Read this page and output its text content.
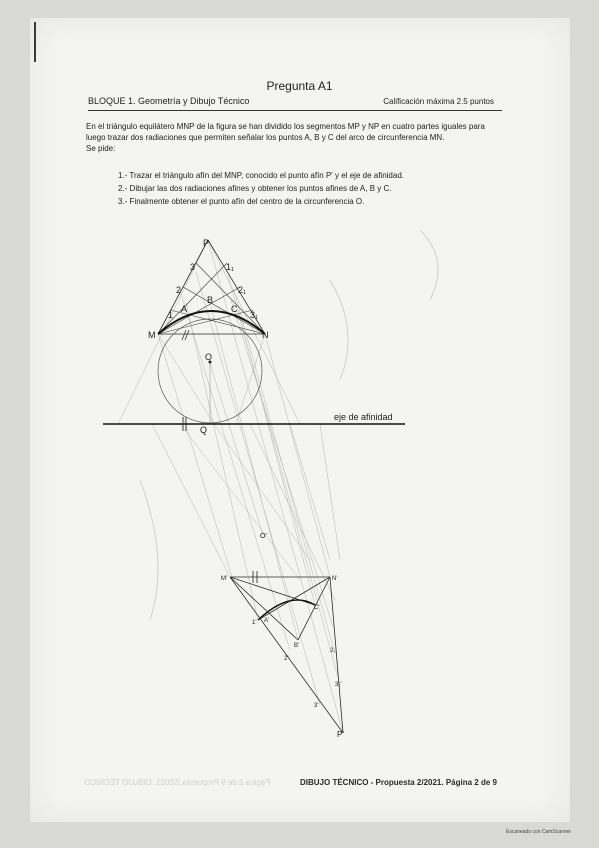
Pregunta A1
BLOQUE 1. Geometría y Dibujo Técnico	Calificación máxima 2.5 puntos
En el triángulo equilátero MNP de la figura se han dividido los segmentos MP y NP en cuatro partes iguales para luego trazar dos radiaciones que permiten señalar los puntos A, B y C del arco de circunferencia MN.
Se pide:
1.- Trazar el triángulo afín del MNP, conocido el punto afín P' y el eje de afinidad.
2.- Dibujar las dos radiaciones afines y obtener los puntos afines de A, B y C.
3.- Finalmente obtener el punto afín del centro de la circunferencia O.
P
M	N
O
Q
A
B
C
1
2
3	1₁
2₁
3₁
eje de afinidad
O'
M'	N'
P'
A'
B'
C'
1'
2'
3'
2₁'
3₁'
Página 2 de 9 Propuesta 2/2021. DIBUJO TÉCNICO	DIBUJO TÉCNICO - Propuesta 2/2021. Página 2 de 9
Escaneado con CamScanner
